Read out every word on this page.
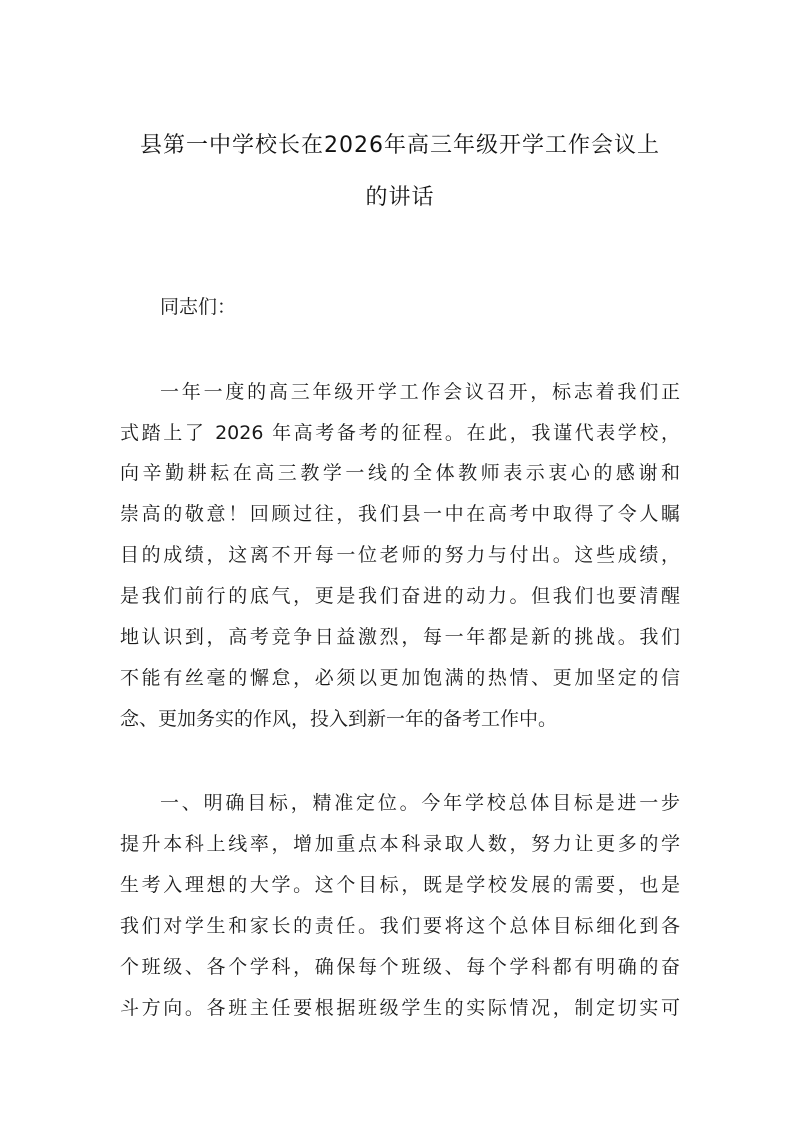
县第一中学校长在2026年高三年级开学工作会议上
的讲话
同志们：
一年一度的高三年级开学工作会议召开，标志着我们正
式踏上了 2026 年高考备考的征程。在此，我谨代表学校，
向辛勤耕耘在高三教学一线的全体教师表示衷心的感谢和
崇高的敬意！回顾过往，我们县一中在高考中取得了令人瞩
目的成绩，这离不开每一位老师的努力与付出。这些成绩，
是我们前行的底气，更是我们奋进的动力。但我们也要清醒
地认识到，高考竞争日益激烈，每一年都是新的挑战。我们
不能有丝毫的懈怠，必须以更加饱满的热情、更加坚定的信
念、更加务实的作风，投入到新一年的备考工作中。
一、明确目标，精准定位。今年学校总体目标是进一步
提升本科上线率，增加重点本科录取人数，努力让更多的学
生考入理想的大学。这个目标，既是学校发展的需要，也是
我们对学生和家长的责任。我们要将这个总体目标细化到各
个班级、各个学科，确保每个班级、每个学科都有明确的奋
斗方向。各班主任要根据班级学生的实际情况，制定切实可
